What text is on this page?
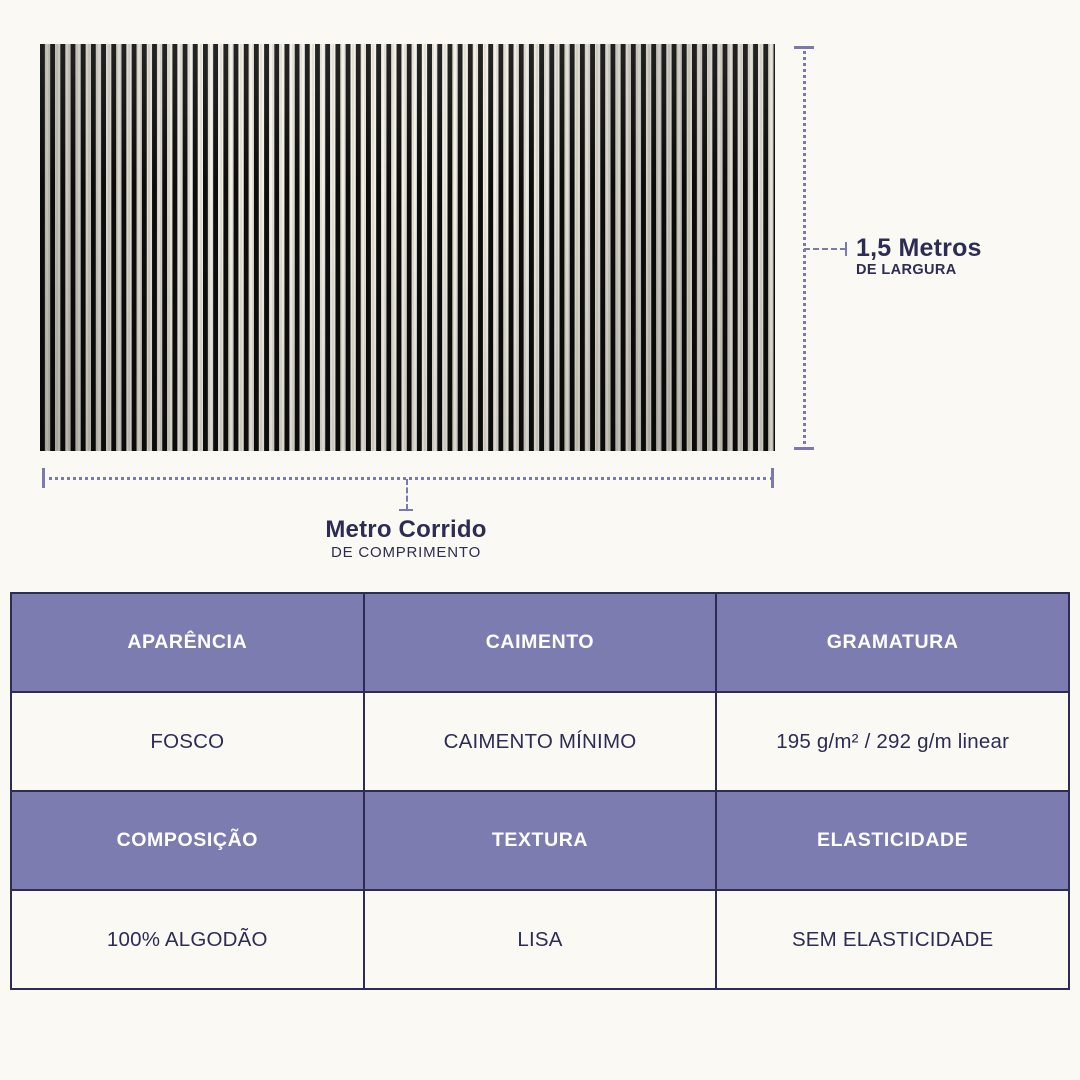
1,5 Metros
DE LARGURA
Metro Corrido
DE COMPRIMENTO
APARÊNCIA	CAIMENTO	GRAMATURA
FOSCO	CAIMENTO MÍNIMO	195 g/m² / 292 g/m linear
COMPOSIÇÃO	TEXTURA	ELASTICIDADE
100% ALGODÃO	LISA	SEM ELASTICIDADE
